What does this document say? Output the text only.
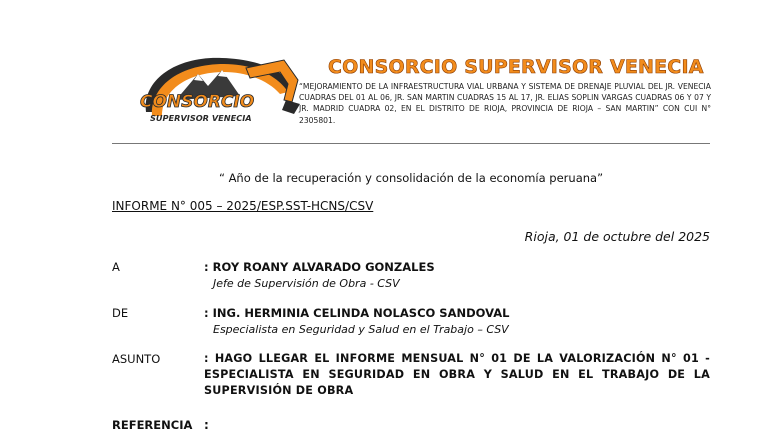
CONSORCIO
SUPERVISOR VENECIA
CONSORCIO SUPERVISOR VENECIA
“MEJORAMIENTO DE LA INFRAESTRUCTURA VIAL URBANA Y SISTEMA DE DRENAJE PLUVIAL DEL JR. VENECIA CUADRAS DEL 01 AL 06, JR. SAN MARTIN CUADRAS 15 AL 17, JR. ELIAS SOPLIN VARGAS CUADRAS 06 Y 07 Y JR. MADRID CUADRA 02, EN EL DISTRITO DE RIOJA, PROVINCIA DE RIOJA – SAN MARTIN” CON CUI N° 2305801.
“ Año de la recuperación y consolidación de la economía peruana”
INFORME N° 005 – 2025/ESP.SST-HCNS/CSV
Rioja, 01 de octubre del 2025
A	: ROY ROANY ALVARADO GONZALES
Jefe de Supervisión de Obra - CSV
DE	: ING. HERMINIA CELINDA NOLASCO SANDOVAL
Especialista en Seguridad y Salud en el Trabajo – CSV
ASUNTO	: HAGO LLEGAR EL INFORME MENSUAL N° 01 DE LA VALORIZACIÓN N° 01 - ESPECIALISTA EN SEGURIDAD EN OBRA Y SALUD EN EL TRABAJO DE LA SUPERVISIÓN DE OBRA
REFERENCIA :
